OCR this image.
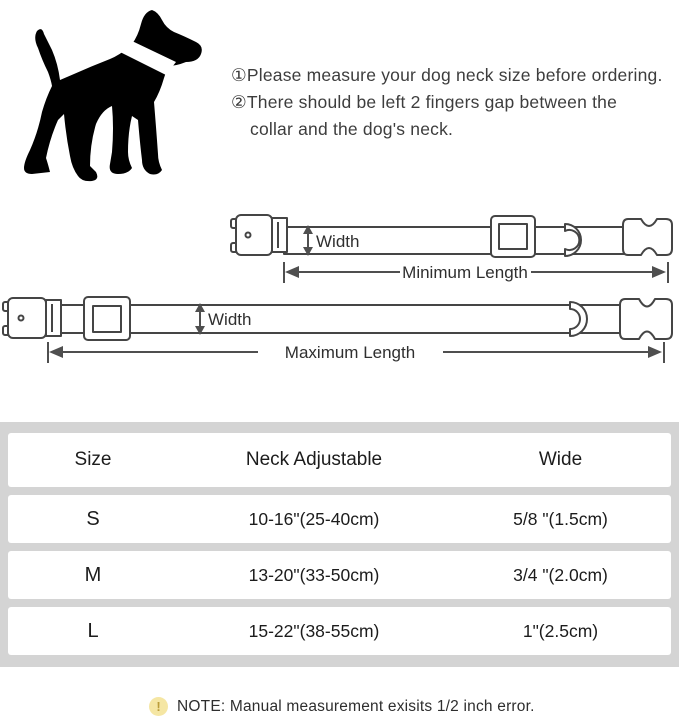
①Please measure your dog neck size before ordering.
②There should be left 2 fingers gap between the
collar and the dog's neck.
Width
Minimum Length
Width
Maximum Length
Size	Neck Adjustable	Wide
S	10-16"(25-40cm)	5/8 "(1.5cm)
M	13-20"(33-50cm)	3/4 "(2.0cm)
L	15-22"(38-55cm)	1"(2.5cm)
!	NOTE: Manual measurement exisits 1/2 inch error.
